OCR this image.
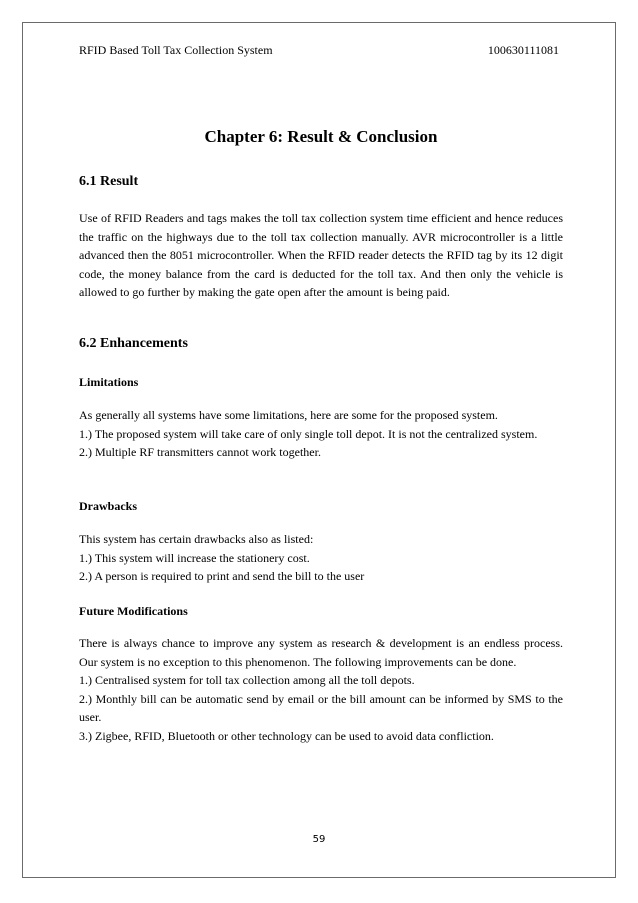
RFID Based Toll Tax Collection System	100630111081
Chapter 6: Result & Conclusion
6.1 Result
Use of RFID Readers and tags makes the toll tax collection system time efficient and hence reduces the traffic on the highways due to the toll tax collection manually. AVR microcontroller is a little advanced then the 8051 microcontroller. When the RFID reader detects the RFID tag by its 12 digit code, the money balance from the card is deducted for the toll tax. And then only the vehicle is allowed to go further by making the gate open after the amount is being paid.
6.2 Enhancements
Limitations
As generally all systems have some limitations, here are some for the proposed system.
1.) The proposed system will take care of only single toll depot. It is not the centralized system.
2.) Multiple RF transmitters cannot work together.
Drawbacks
This system has certain drawbacks also as listed:
1.) This system will increase the stationery cost.
2.) A person is required to print and send the bill to the user
Future Modifications
There is always chance to improve any system as research & development is an endless process. Our system is no exception to this phenomenon. The following improvements can be done.
1.) Centralised system for toll tax collection among all the toll depots.
2.) Monthly bill can be automatic send by email or the bill amount can be informed by SMS to the user.
3.) Zigbee, RFID, Bluetooth or other technology can be used to avoid data confliction.
59
